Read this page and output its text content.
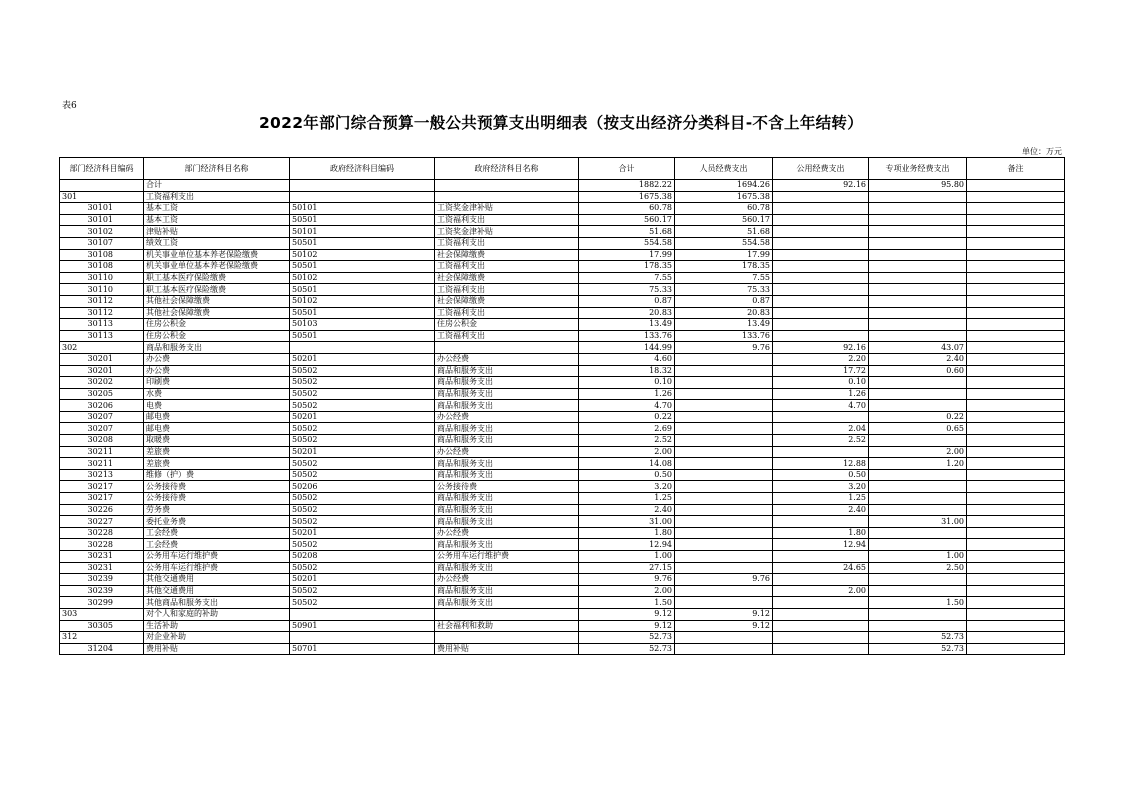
表6
2022年部门综合预算一般公共预算支出明细表（按支出经济分类科目-不含上年结转）
单位：万元
部门经济科目编码	部门经济科目名称	政府经济科目编码	政府经济科目名称	合计	人员经费支出	公用经费支出	专项业务经费支出	备注
	合计			1882.22	1694.26	92.16	95.80	
301	工资福利支出			1675.38	1675.38			
30101	基本工资	50101	工资奖金津补贴	60.78	60.78			
30101	基本工资	50501	工资福利支出	560.17	560.17			
30102	津贴补贴	50101	工资奖金津补贴	51.68	51.68			
30107	绩效工资	50501	工资福利支出	554.58	554.58			
30108	机关事业单位基本养老保险缴费	50102	社会保障缴费	17.99	17.99			
30108	机关事业单位基本养老保险缴费	50501	工资福利支出	178.35	178.35			
30110	职工基本医疗保险缴费	50102	社会保障缴费	7.55	7.55			
30110	职工基本医疗保险缴费	50501	工资福利支出	75.33	75.33			
30112	其他社会保障缴费	50102	社会保障缴费	0.87	0.87			
30112	其他社会保障缴费	50501	工资福利支出	20.83	20.83			
30113	住房公积金	50103	住房公积金	13.49	13.49			
30113	住房公积金	50501	工资福利支出	133.76	133.76			
302	商品和服务支出			144.99	9.76	92.16	43.07	
30201	办公费	50201	办公经费	4.60		2.20	2.40	
30201	办公费	50502	商品和服务支出	18.32		17.72	0.60	
30202	印刷费	50502	商品和服务支出	0.10		0.10		
30205	水费	50502	商品和服务支出	1.26		1.26		
30206	电费	50502	商品和服务支出	4.70		4.70		
30207	邮电费	50201	办公经费	0.22			0.22	
30207	邮电费	50502	商品和服务支出	2.69		2.04	0.65	
30208	取暖费	50502	商品和服务支出	2.52		2.52		
30211	差旅费	50201	办公经费	2.00			2.00	
30211	差旅费	50502	商品和服务支出	14.08		12.88	1.20	
30213	维修（护）费	50502	商品和服务支出	0.50		0.50		
30217	公务接待费	50206	公务接待费	3.20		3.20		
30217	公务接待费	50502	商品和服务支出	1.25		1.25		
30226	劳务费	50502	商品和服务支出	2.40		2.40		
30227	委托业务费	50502	商品和服务支出	31.00			31.00	
30228	工会经费	50201	办公经费	1.80		1.80		
30228	工会经费	50502	商品和服务支出	12.94		12.94		
30231	公务用车运行维护费	50208	公务用车运行维护费	1.00			1.00	
30231	公务用车运行维护费	50502	商品和服务支出	27.15		24.65	2.50	
30239	其他交通费用	50201	办公经费	9.76	9.76			
30239	其他交通费用	50502	商品和服务支出	2.00		2.00		
30299	其他商品和服务支出	50502	商品和服务支出	1.50			1.50	
303	对个人和家庭的补助			9.12	9.12			
30305	生活补助	50901	社会福利和救助	9.12	9.12			
312	对企业补助			52.73			52.73	
31204	费用补贴	50701	费用补贴	52.73			52.73	
